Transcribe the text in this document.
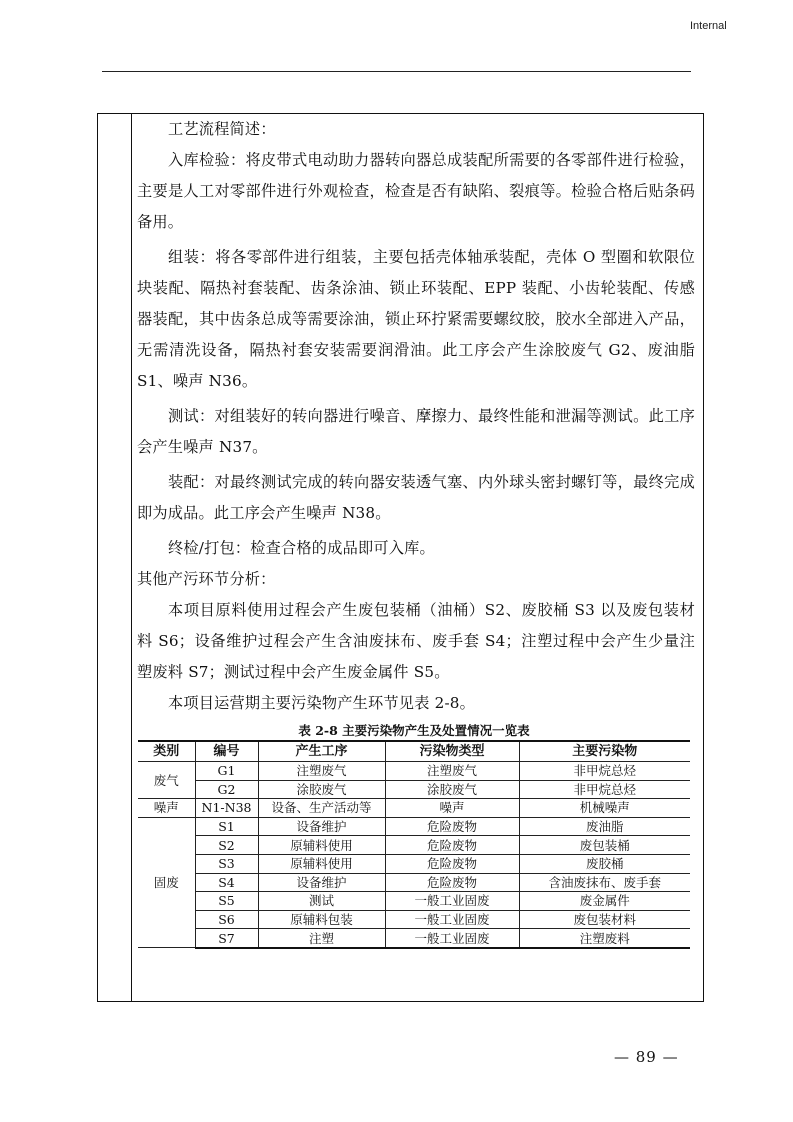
Internal

工艺流程简述：

入库检验：将皮带式电动助力器转向器总成装配所需要的各零部件进行检验，主要是人工对零部件进行外观检查，检查是否有缺陷、裂痕等。检验合格后贴条码备用。

组装：将各零部件进行组装，主要包括壳体轴承装配，壳体 O 型圈和软限位块装配、隔热衬套装配、齿条涂油、锁止环装配、EPP 装配、小齿轮装配、传感器装配，其中齿条总成等需要涂油，锁止环拧紧需要螺纹胶，胶水全部进入产品，无需清洗设备，隔热衬套安装需要润滑油。此工序会产生涂胶废气 G2、废油脂 S1、噪声 N36。

测试：对组装好的转向器进行噪音、摩擦力、最终性能和泄漏等测试。此工序会产生噪声 N37。

装配：对最终测试完成的转向器安装透气塞、内外球头密封螺钉等，最终完成即为成品。此工序会产生噪声 N38。

终检/打包：检查合格的成品即可入库。

其他产污环节分析：

本项目原料使用过程会产生废包装桶（油桶）S2、废胶桶 S3 以及废包装材料 S6；设备维护过程会产生含油废抹布、废手套 S4；注塑过程中会产生少量注塑废料 S7；测试过程中会产生废金属件 S5。

本项目运营期主要污染物产生环节见表 2-8。

表 2-8 主要污染物产生及处置情况一览表
类别	编号	产生工序	污染物类型	主要污染物
废气	G1	注塑废气	注塑废气	非甲烷总烃
	G2	涂胶废气	涂胶废气	非甲烷总烃
噪声	N1-N38	设备、生产活动等	噪声	机械噪声
固废	S1	设备维护	危险废物	废油脂
	S2	原辅料使用	危险废物	废包装桶
	S3	原辅料使用	危险废物	废胶桶
	S4	设备维护	危险废物	含油废抹布、废手套
	S5	测试	一般工业固废	废金属件
	S6	原辅料包装	一般工业固废	废包装材料
	S7	注塑	一般工业固废	注塑废料
— 89 —
